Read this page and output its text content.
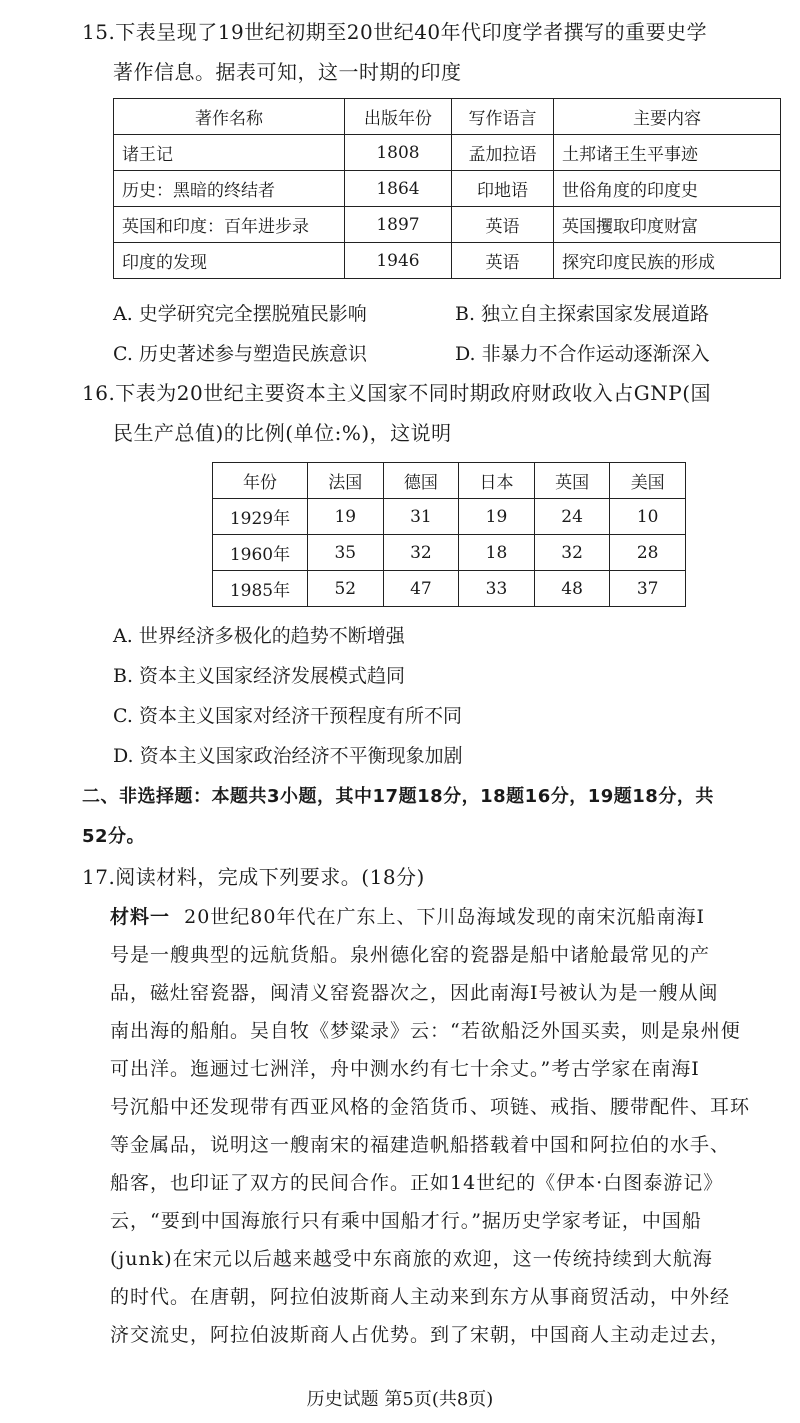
15.下表呈现了19世纪初期至20世纪40年代印度学者撰写的重要史学
著作信息。据表可知，这一时期的印度
著作名称	出版年份	写作语言	主要内容
诸王记	1808	孟加拉语	土邦诸王生平事迹
历史：黑暗的终结者	1864	印地语	世俗角度的印度史
英国和印度：百年进步录	1897	英语	英国攫取印度财富
印度的发现	1946	英语	探究印度民族的形成
A. 史学研究完全摆脱殖民影响	B. 独立自主探索国家发展道路
C. 历史著述参与塑造民族意识	D. 非暴力不合作运动逐渐深入
16.下表为20世纪主要资本主义国家不同时期政府财政收入占GNP(国
民生产总值)的比例(单位:%)，这说明
年份	法国	德国	日本	英国	美国
1929年	19	31	19	24	10
1960年	35	32	18	32	28
1985年	52	47	33	48	37
A. 世界经济多极化的趋势不断增强
B. 资本主义国家经济发展模式趋同
C. 资本主义国家对经济干预程度有所不同
D. 资本主义国家政治经济不平衡现象加剧
二、非选择题：本题共3小题，其中17题18分，18题16分，19题18分，共
52分。
17.阅读材料，完成下列要求。(18分)
材料一 20世纪80年代在广东上、下川岛海域发现的南宋沉船南海Ⅰ
号是一艘典型的远航货船。泉州德化窑的瓷器是船中诸舱最常见的产
品，磁灶窑瓷器，闽清义窑瓷器次之，因此南海Ⅰ号被认为是一艘从闽
南出海的船舶。吴自牧《梦粱录》云：“若欲船泛外国买卖，则是泉州便
可出洋。迤逦过七洲洋，舟中测水约有七十余丈。”考古学家在南海Ⅰ
号沉船中还发现带有西亚风格的金箔货币、项链、戒指、腰带配件、耳环
等金属品，说明这一艘南宋的福建造帆船搭载着中国和阿拉伯的水手、
船客，也印证了双方的民间合作。正如14世纪的《伊本·白图泰游记》
云，“要到中国海旅行只有乘中国船才行。”据历史学家考证，中国船
(junk)在宋元以后越来越受中东商旅的欢迎，这一传统持续到大航海
的时代。在唐朝，阿拉伯波斯商人主动来到东方从事商贸活动，中外经
济交流史，阿拉伯波斯商人占优势。到了宋朝，中国商人主动走过去，
历史试题 第5页(共8页)
